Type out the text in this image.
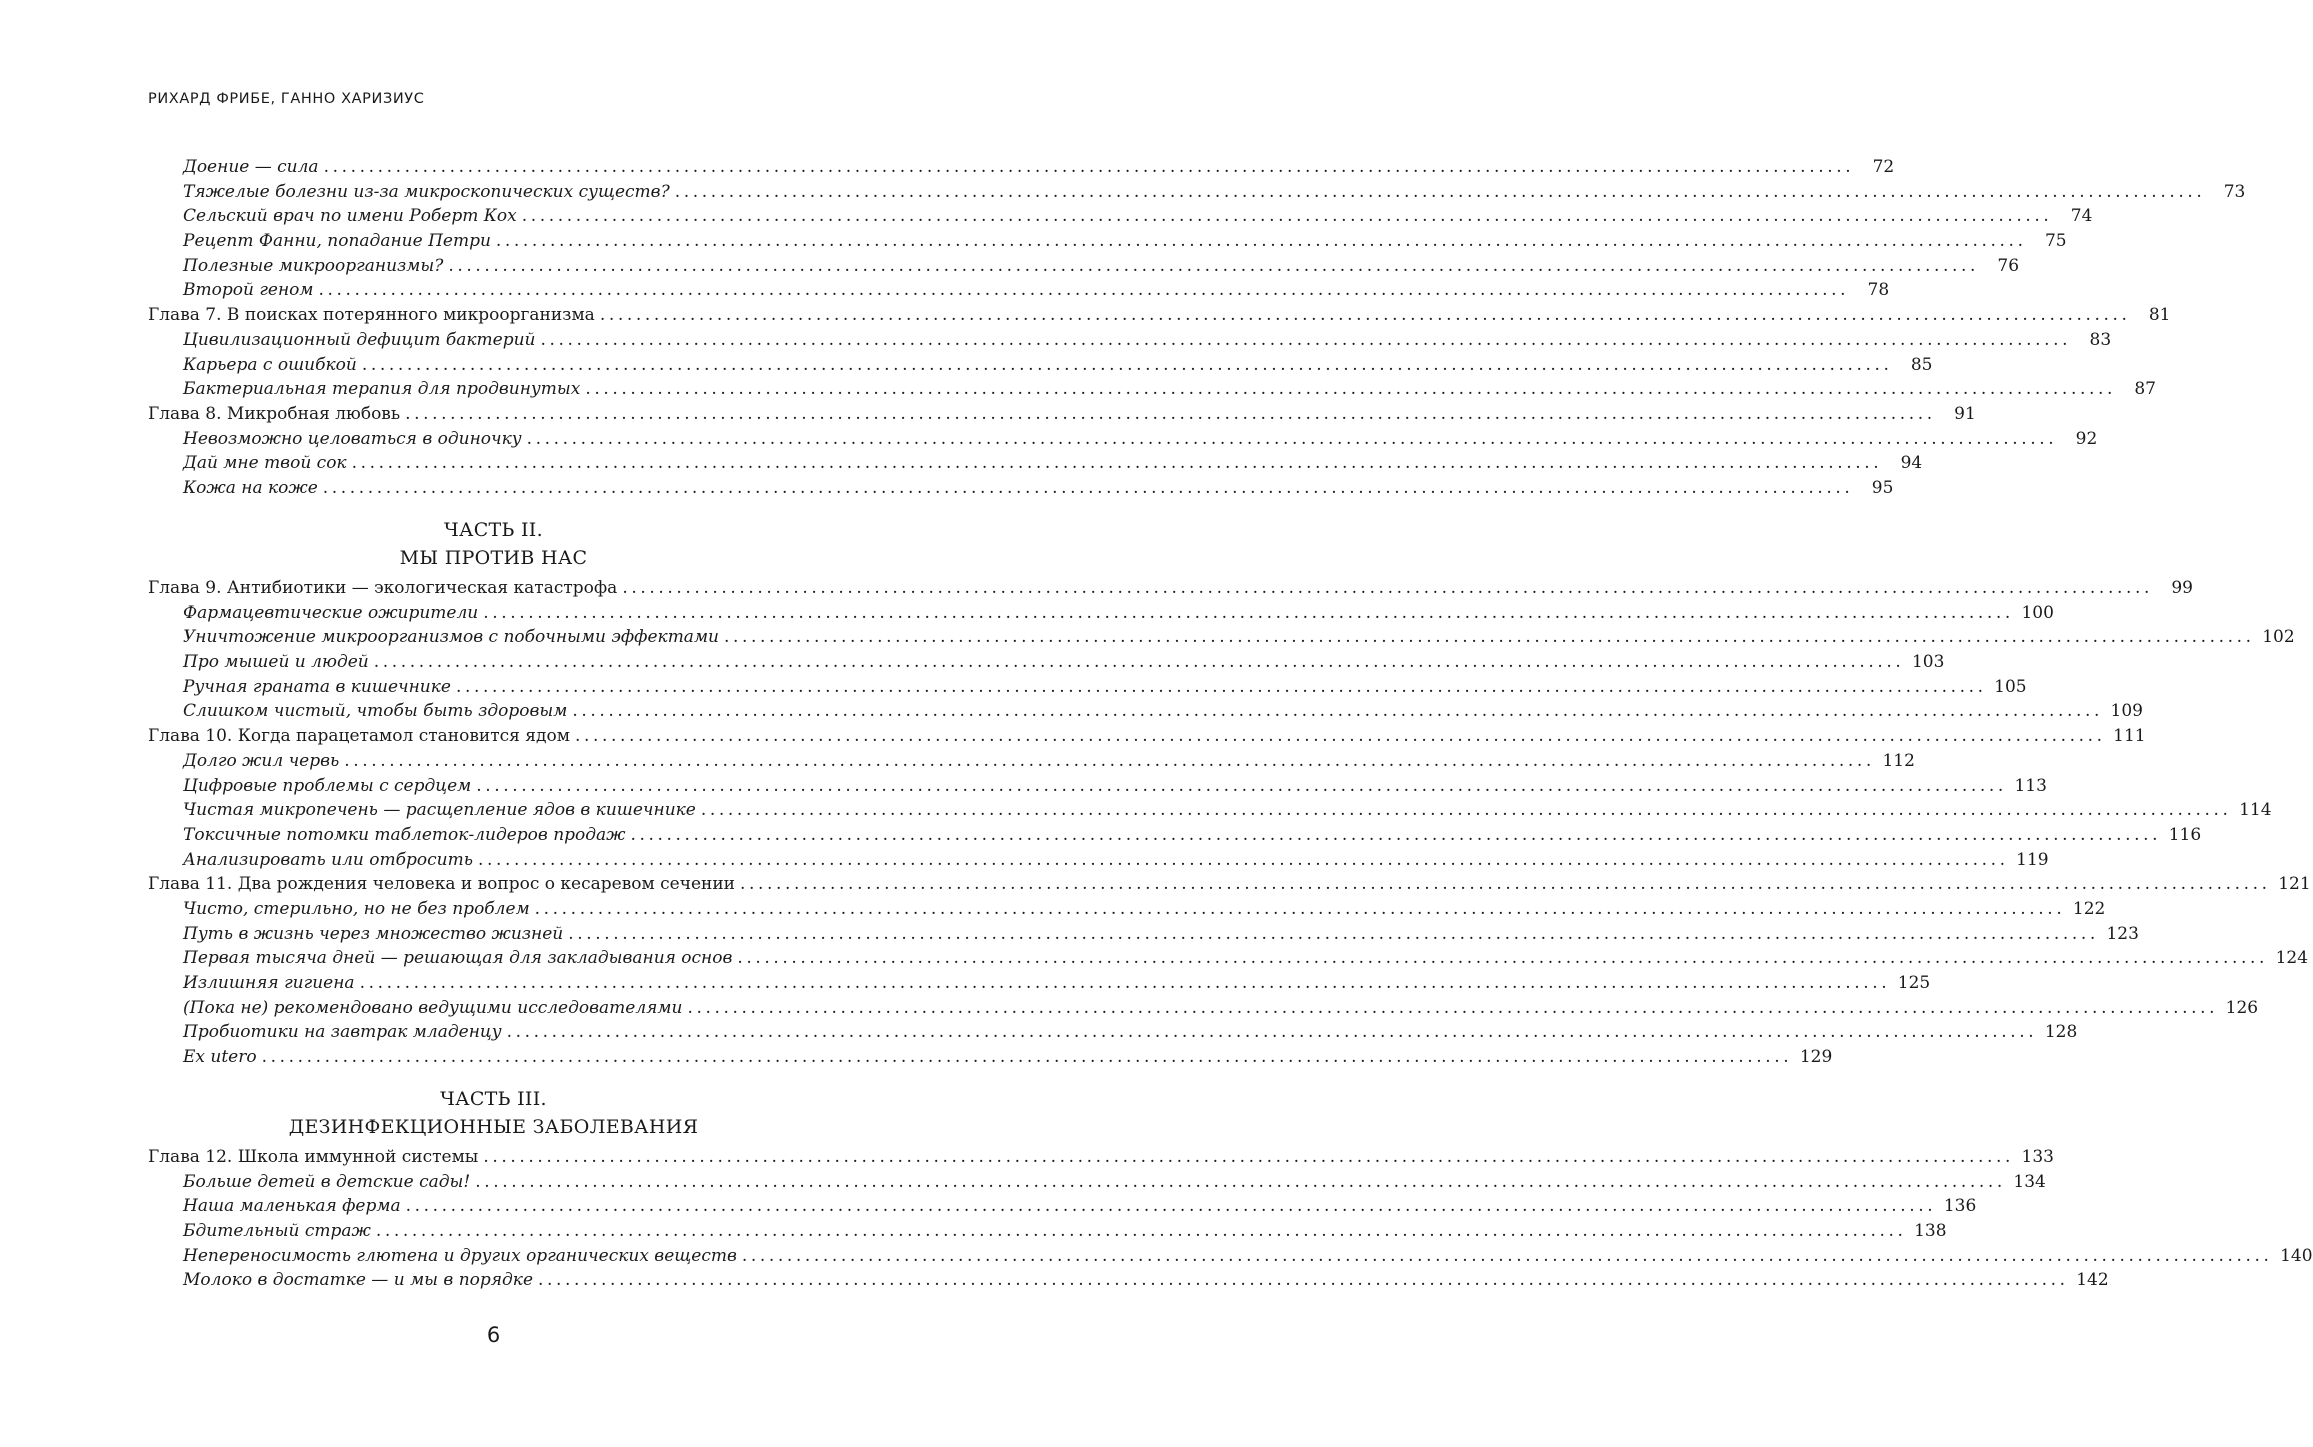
РИХАРД ФРИБЕ, ГАННО ХАРИЗИУС
Доение — сила ..........................................................................................................................................................................	72
Тяжелые болезни из-за микроскопических существ? ..........................................................................................................................................................................	73
Сельский врач по имени Роберт Кох ..........................................................................................................................................................................	74
Рецепт Фанни, попадание Петри ..........................................................................................................................................................................	75
Полезные микроорганизмы? ..........................................................................................................................................................................	76
Второй геном ..........................................................................................................................................................................	78
Глава 7. В поисках потерянного микроорганизма ..........................................................................................................................................................................	81
Цивилизационный дефицит бактерий ..........................................................................................................................................................................	83
Карьера с ошибкой ..........................................................................................................................................................................	85
Бактериальная терапия для продвинутых ..........................................................................................................................................................................	87
Глава 8. Микробная любовь ..........................................................................................................................................................................	91
Невозможно целоваться в одиночку ..........................................................................................................................................................................	92
Дай мне твой сок ..........................................................................................................................................................................	94
Кожа на коже ..........................................................................................................................................................................	95
ЧАСТЬ II.
МЫ ПРОТИВ НАС
Глава 9. Антибиотики — экологическая катастрофа ..........................................................................................................................................................................	99
Фармацевтические ожирители .......................................................................................................................................................................... 100
Уничтожение микроорганизмов с побочными эффектами .......................................................................................................................................................................... 102
Про мышей и людей .......................................................................................................................................................................... 103
Ручная граната в кишечнике .......................................................................................................................................................................... 105
Слишком чистый, чтобы быть здоровым .......................................................................................................................................................................... 109
Глава 10. Когда парацетамол становится ядом .......................................................................................................................................................................... 111
Долго жил червь .......................................................................................................................................................................... 112
Цифровые проблемы с сердцем .......................................................................................................................................................................... 113
Чистая микропечень — расщепление ядов в кишечнике .......................................................................................................................................................................... 114
Токсичные потомки таблеток-лидеров продаж .......................................................................................................................................................................... 116
Анализировать или отбросить .......................................................................................................................................................................... 119
Глава 11. Два рождения человека и вопрос о кесаревом сечении .......................................................................................................................................................................... 121
Чисто, стерильно, но не без проблем .......................................................................................................................................................................... 122
Путь в жизнь через множество жизней .......................................................................................................................................................................... 123
Первая тысяча дней — решающая для закладывания основ .......................................................................................................................................................................... 124
Излишняя гигиена .......................................................................................................................................................................... 125
(Пока не) рекомендовано ведущими исследователями .......................................................................................................................................................................... 126
Пробиотики на завтрак младенцу .......................................................................................................................................................................... 128
Ex utero .......................................................................................................................................................................... 129
ЧАСТЬ III.
ДЕЗИНФЕКЦИОННЫЕ ЗАБОЛЕВАНИЯ
Глава 12. Школа иммунной системы .......................................................................................................................................................................... 133
Больше детей в детские сады! .......................................................................................................................................................................... 134
Наша маленькая ферма .......................................................................................................................................................................... 136
Бдительный страж .......................................................................................................................................................................... 138
Непереносимость глютена и других органических веществ .......................................................................................................................................................................... 140
Молоко в достатке — и мы в порядке .......................................................................................................................................................................... 142
6
